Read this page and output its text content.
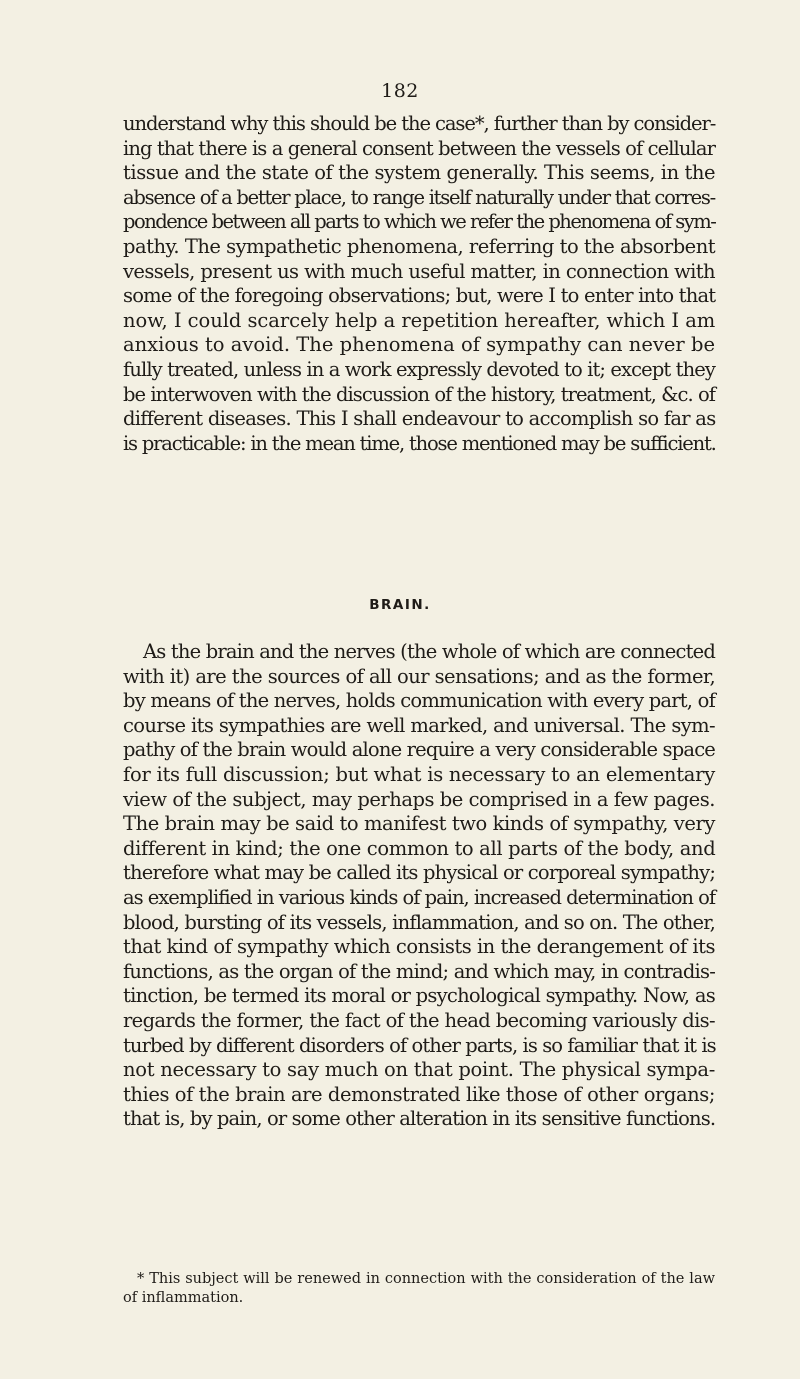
182
understand why this should be the case*, further than by consider-
ing that there is a general consent between the vessels of cellular
tissue and the state of the system generally. This seems, in the
absence of a better place, to range itself naturally under that corres-
pondence between all parts to which we refer the phenomena of sym-
pathy. The sympathetic phenomena, referring to the absorbent
vessels, present us with much useful matter, in connection with
some of the foregoing observations; but, were I to enter into that
now, I could scarcely help a repetition hereafter, which I am
anxious to avoid. The phenomena of sympathy can never be
fully treated, unless in a work expressly devoted to it; except they
be interwoven with the discussion of the history, treatment, &c. of
different diseases. This I shall endeavour to accomplish so far as
is practicable: in the mean time, those mentioned may be sufficient.
BRAIN.
As the brain and the nerves (the whole of which are connected
with it) are the sources of all our sensations; and as the former,
by means of the nerves, holds communication with every part, of
course its sympathies are well marked, and universal. The sym-
pathy of the brain would alone require a very considerable space
for its full discussion; but what is necessary to an elementary
view of the subject, may perhaps be comprised in a few pages.
The brain may be said to manifest two kinds of sympathy, very
different in kind; the one common to all parts of the body, and
therefore what may be called its physical or corporeal sympathy;
as exemplified in various kinds of pain, increased determination of
blood, bursting of its vessels, inflammation, and so on. The other,
that kind of sympathy which consists in the derangement of its
functions, as the organ of the mind; and which may, in contradis-
tinction, be termed its moral or psychological sympathy. Now, as
regards the former, the fact of the head becoming variously dis-
turbed by different disorders of other parts, is so familiar that it is
not necessary to say much on that point. The physical sympa-
thies of the brain are demonstrated like those of other organs;
that is, by pain, or some other alteration in its sensitive functions.
* This subject will be renewed in connection with the consideration of the law
of inflammation.
